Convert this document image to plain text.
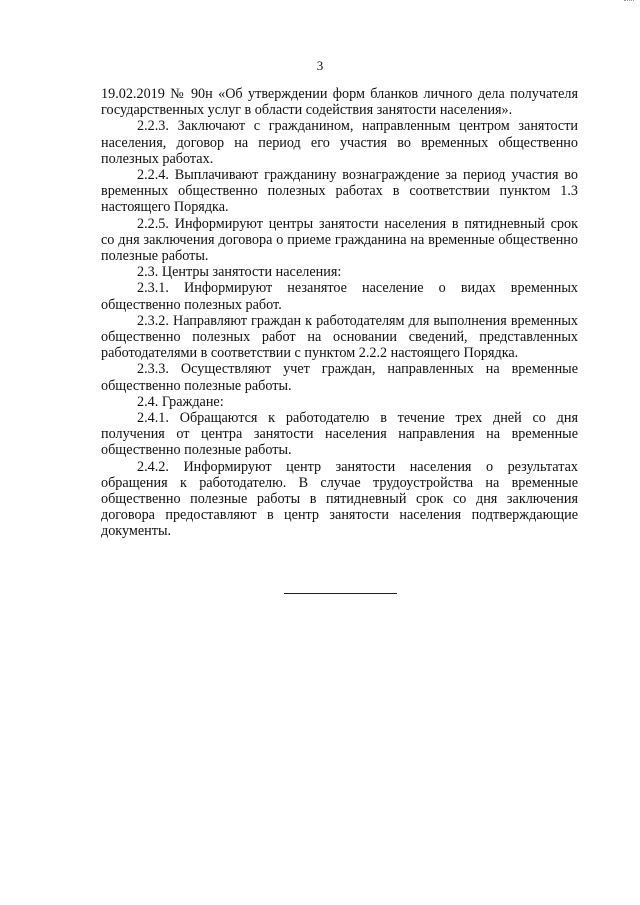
3

19.02.2019 № 90н «Об утверждении форм бланков личного дела получателя государственных услуг в области содействия занятости населения».

2.2.3. Заключают с гражданином, направленным центром занятости населения, договор на период его участия во временных общественно полезных работах.

2.2.4. Выплачивают гражданину вознаграждение за период участия во временных общественно полезных работах в соответствии пунктом 1.3 настоящего Порядка.

2.2.5. Информируют центры занятости населения в пятидневный срок со дня заключения договора о приеме гражданина на временные общественно полезные работы.

2.3. Центры занятости населения:

2.3.1. Информируют незанятое население о видах временных общественно полезных работ.

2.3.2. Направляют граждан к работодателям для выполнения временных общественно полезных работ на основании сведений, представленных работодателями в соответствии с пунктом 2.2.2 настоящего Порядка.

2.3.3. Осуществляют учет граждан, направленных на временные общественно полезные работы.

2.4. Граждане:

2.4.1. Обращаются к работодателю в течение трех дней со дня получения от центра занятости населения направления на временные общественно полезные работы.

2.4.2. Информируют центр занятости населения о результатах обращения к работодателю. В случае трудоустройства на временные общественно полезные работы в пятидневный срок со дня заключения договора предоставляют в центр занятости населения подтверждающие документы.
